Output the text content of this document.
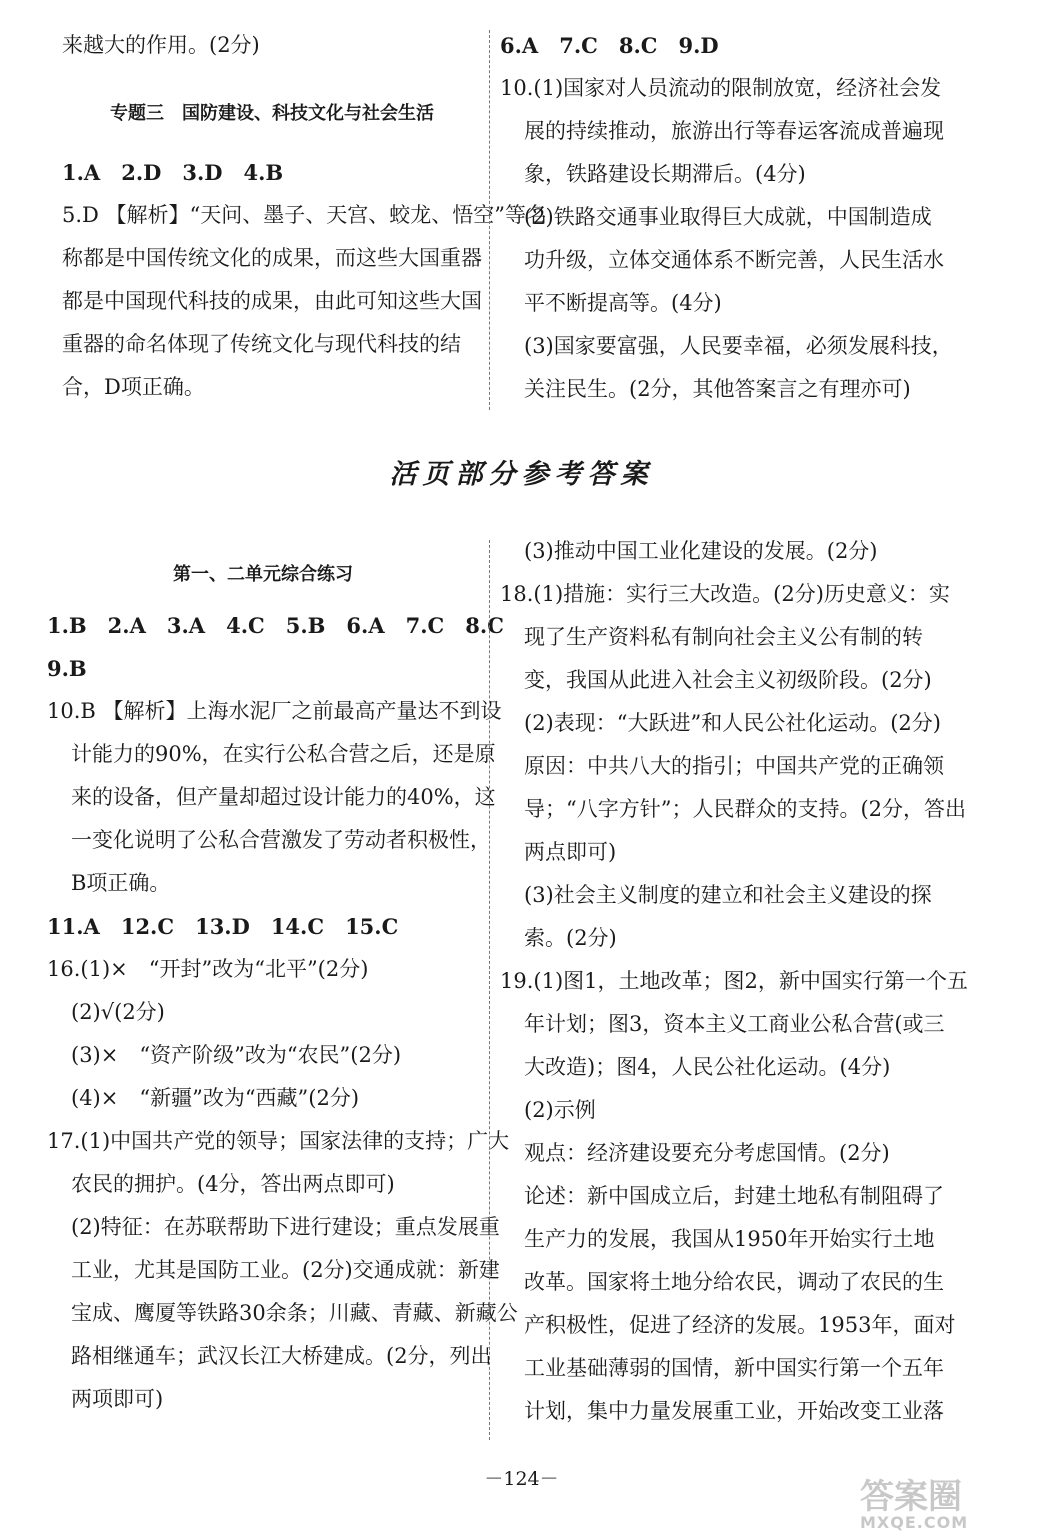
来越大的作用。(2分)
专题三　国防建设、科技文化与社会生活
1.A　2.D　3.D　4.B
5.D 【解析】“天问、墨子、天宫、蛟龙、悟空”等名
称都是中国传统文化的成果，而这些大国重器
都是中国现代科技的成果，由此可知这些大国
重器的命名体现了传统文化与现代科技的结
合，D项正确。
6.A　7.C　8.C　9.D
10.(1)国家对人员流动的限制放宽，经济社会发
展的持续推动，旅游出行等春运客流成普遍现
象，铁路建设长期滞后。(4分)
(2)铁路交通事业取得巨大成就，中国制造成
功升级，立体交通体系不断完善，人民生活水
平不断提高等。(4分)
(3)国家要富强，人民要幸福，必须发展科技，
关注民生。(2分，其他答案言之有理亦可)
活页部分参考答案
第一、二单元综合练习
1.B　2.A　3.A　4.C　5.B　6.A　7.C　8.C
9.B
10.B 【解析】上海水泥厂之前最高产量达不到设
计能力的90%，在实行公私合营之后，还是原
来的设备，但产量却超过设计能力的40%，这
一变化说明了公私合营激发了劳动者积极性，
B项正确。
11.A　12.C　13.D　14.C　15.C
16.(1)×　“开封”改为“北平”(2分)
(2)√(2分)
(3)×　“资产阶级”改为“农民”(2分)
(4)×　“新疆”改为“西藏”(2分)
17.(1)中国共产党的领导；国家法律的支持；广大
农民的拥护。(4分，答出两点即可)
(2)特征：在苏联帮助下进行建设；重点发展重
工业，尤其是国防工业。(2分)交通成就：新建
宝成、鹰厦等铁路30余条；川藏、青藏、新藏公
路相继通车；武汉长江大桥建成。(2分，列出
两项即可)
(3)推动中国工业化建设的发展。(2分)
18.(1)措施：实行三大改造。(2分)历史意义：实
现了生产资料私有制向社会主义公有制的转
变，我国从此进入社会主义初级阶段。(2分)
(2)表现：“大跃进”和人民公社化运动。(2分)
原因：中共八大的指引；中国共产党的正确领
导；“八字方针”；人民群众的支持。(2分，答出
两点即可)
(3)社会主义制度的建立和社会主义建设的探
索。(2分)
19.(1)图1，土地改革；图2，新中国实行第一个五
年计划；图3，资本主义工商业公私合营(或三
大改造)；图4，人民公社化运动。(4分)
(2)示例
观点：经济建设要充分考虑国情。(2分)
论述：新中国成立后，封建土地私有制阻碍了
生产力的发展，我国从1950年开始实行土地
改革。国家将土地分给农民，调动了农民的生
产积极性，促进了经济的发展。1953年，面对
工业基础薄弱的国情，新中国实行第一个五年
计划，集中力量发展重工业，开始改变工业落
－124－	答案圈
MXQE.COM
